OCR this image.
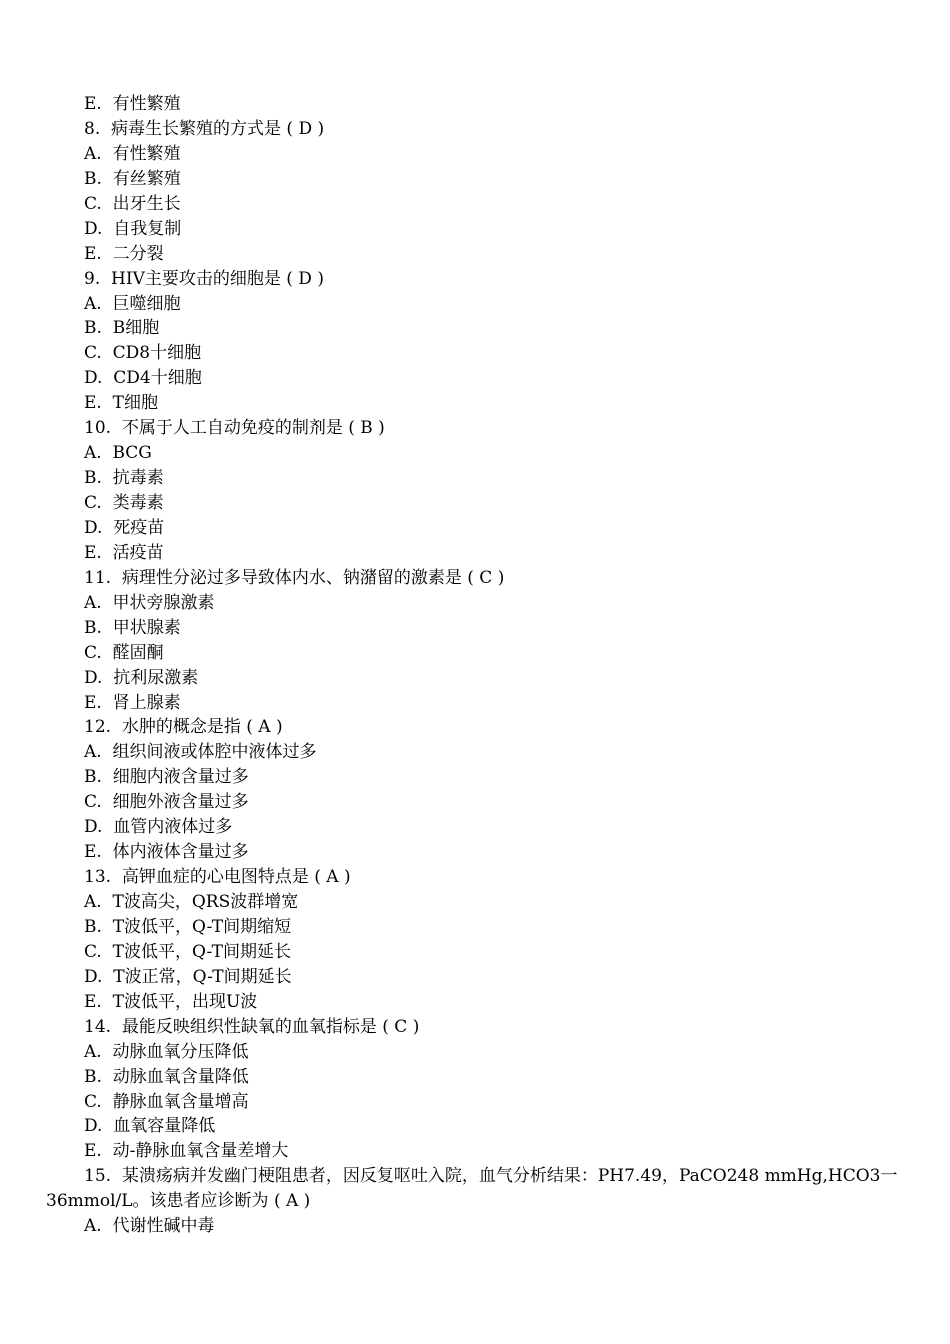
E.  有性繁殖
8.  病毒生长繁殖的方式是 ( D )
A.  有性繁殖
B.  有丝繁殖
C.  出牙生长
D.  自我复制
E.  二分裂
9.  HIV主要攻击的细胞是 ( D )
A.  巨噬细胞
B.  B细胞
C.  CD8十细胞
D.  CD4十细胞
E.  T细胞
10.  不属于人工自动免疫的制剂是 ( B )
A.  BCG
B.  抗毒素
C.  类毒素
D.  死疫苗
E.  活疫苗
11.  病理性分泌过多导致体内水、钠潴留的激素是 ( C )
A.  甲状旁腺激素
B.  甲状腺素
C.  醛固酮
D.  抗利尿激素
E.  肾上腺素
12.  水肿的概念是指 ( A )
A.  组织间液或体腔中液体过多
B.  细胞内液含量过多
C.  细胞外液含量过多
D.  血管内液体过多
E.  体内液体含量过多
13.  高钾血症的心电图特点是 ( A )
A.  T波高尖，QRS波群增宽
B.  T波低平，Q-T间期缩短
C.  T波低平，Q-T间期延长
D.  T波正常，Q-T间期延长
E.  T波低平，出现U波
14.  最能反映组织性缺氧的血氧指标是 ( C )
A.  动脉血氧分压降低
B.  动脉血氧含量降低
C.  静脉血氧含量增高
D.  血氧容量降低
E.  动-静脉血氧含量差增大
15.  某溃疡病并发幽门梗阻患者，因反复呕吐入院，血气分析结果：PH7.49，PaCO248 mmHg,HCO3一
36mmol/L。该患者应诊断为 ( A )
A.  代谢性碱中毒
